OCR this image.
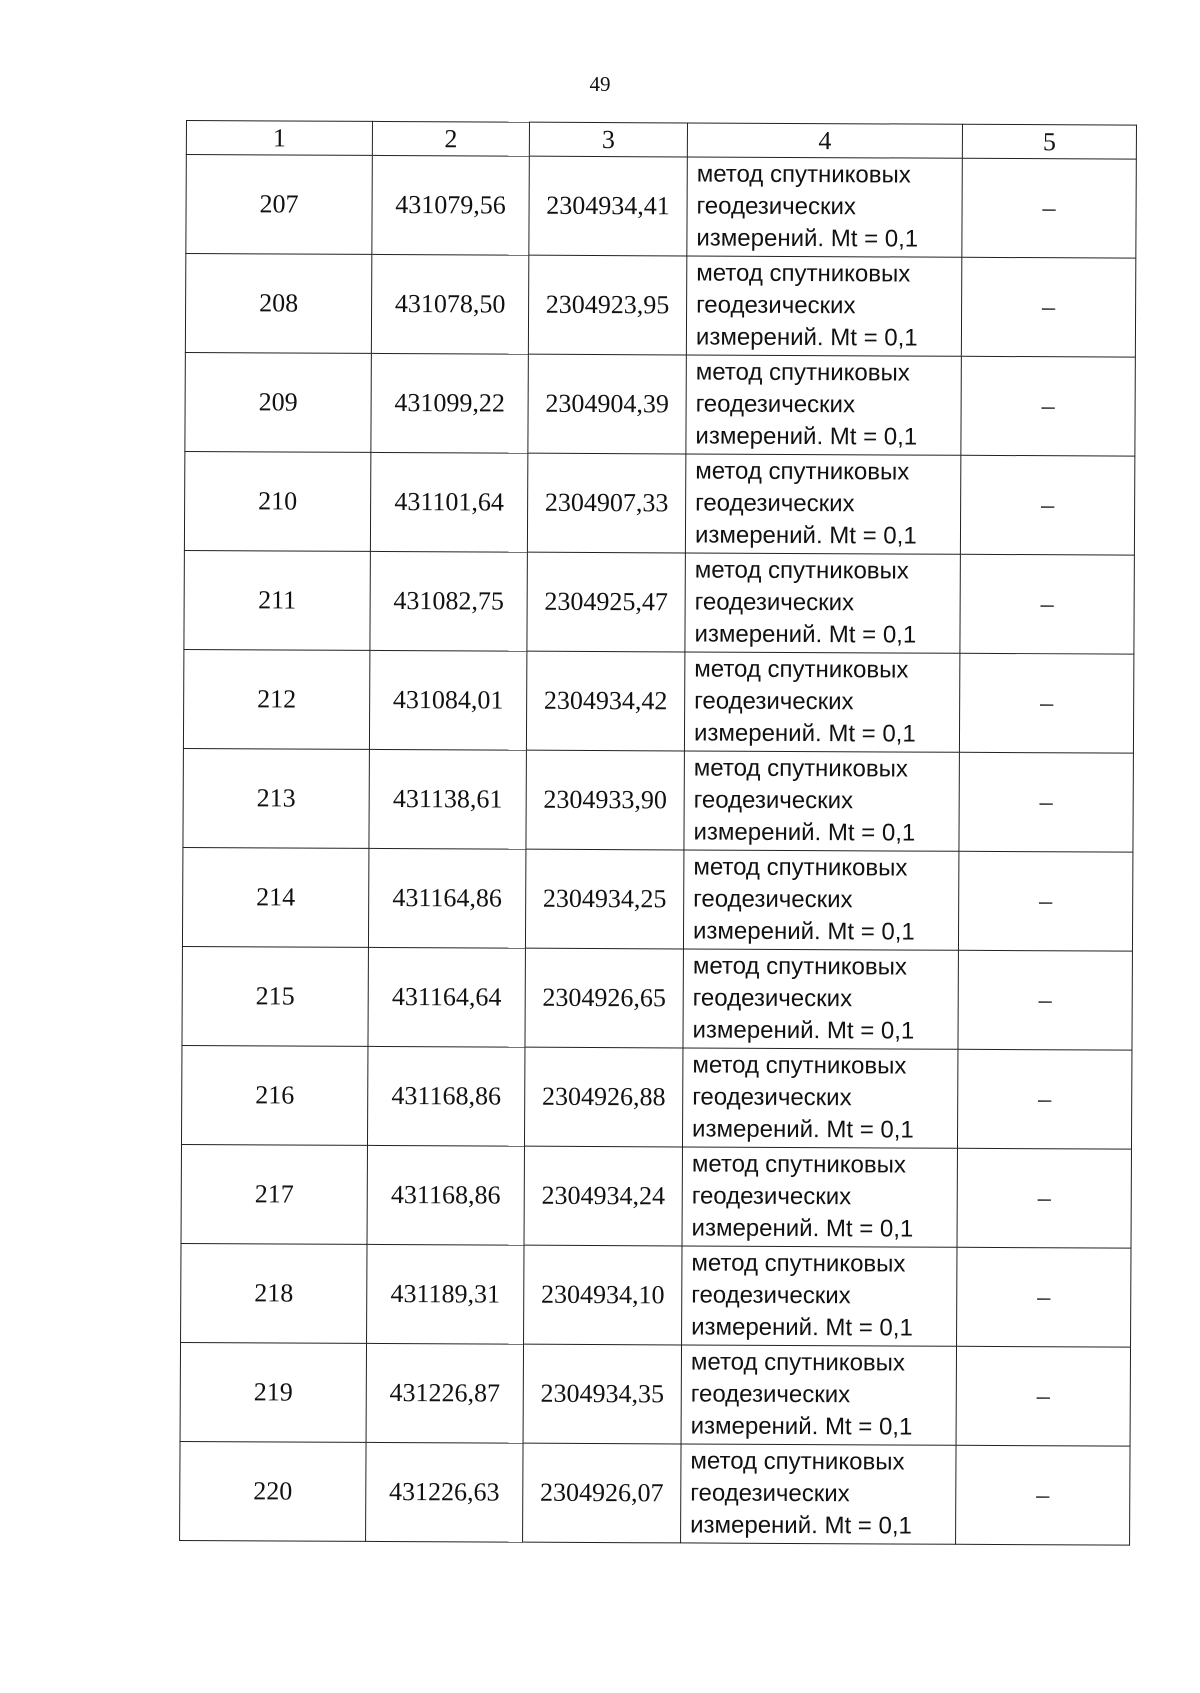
49
1	2	3	4	5
207	431079,56	2304934,41	метод спутниковых
геодезических
измерений. Mt = 0,1	–
208	431078,50	2304923,95	метод спутниковых
геодезических
измерений. Mt = 0,1	–
209	431099,22	2304904,39	метод спутниковых
геодезических
измерений. Mt = 0,1	–
210	431101,64	2304907,33	метод спутниковых
геодезических
измерений. Mt = 0,1	–
211	431082,75	2304925,47	метод спутниковых
геодезических
измерений. Mt = 0,1	–
212	431084,01	2304934,42	метод спутниковых
геодезических
измерений. Mt = 0,1	–
213	431138,61	2304933,90	метод спутниковых
геодезических
измерений. Mt = 0,1	–
214	431164,86	2304934,25	метод спутниковых
геодезических
измерений. Mt = 0,1	–
215	431164,64	2304926,65	метод спутниковых
геодезических
измерений. Mt = 0,1	–
216	431168,86	2304926,88	метод спутниковых
геодезических
измерений. Mt = 0,1	–
217	431168,86	2304934,24	метод спутниковых
геодезических
измерений. Mt = 0,1	–
218	431189,31	2304934,10	метод спутниковых
геодезических
измерений. Mt = 0,1	–
219	431226,87	2304934,35	метод спутниковых
геодезических
измерений. Mt = 0,1	–
220	431226,63	2304926,07	метод спутниковых
геодезических
измерений. Mt = 0,1	–
